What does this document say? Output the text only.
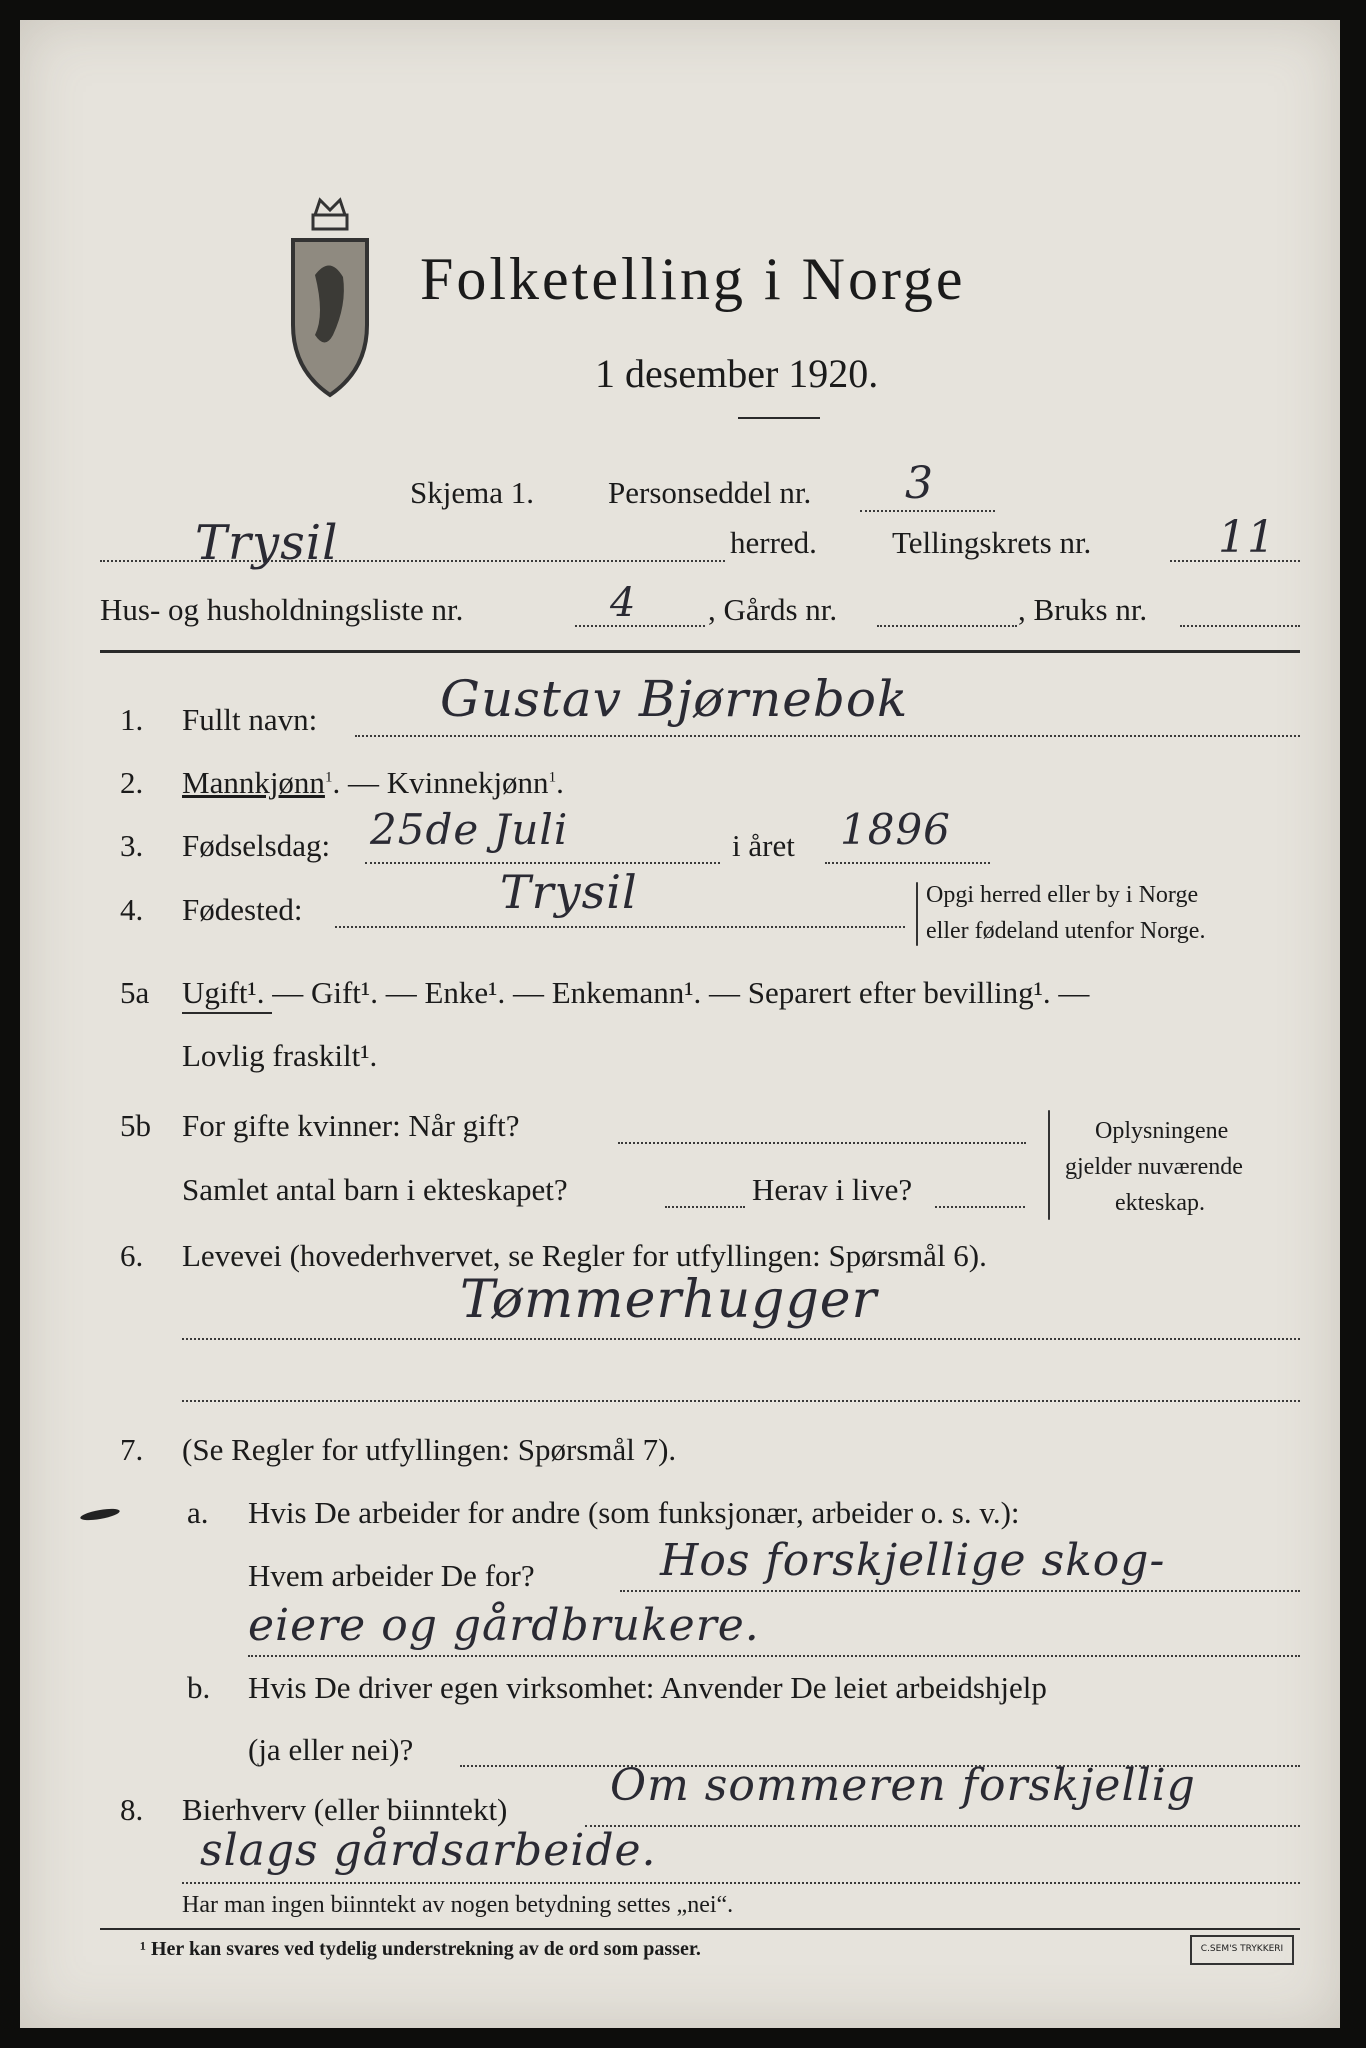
Folketelling i Norge
1 desember 1920.
Skjema 1. Personseddel nr. 3
Trysil	herred. Tellingskrets nr.	11
Hus- og husholdningsliste nr.	4 , Gårds nr.	, Bruks nr.
1. Fullt navn: Gustav Bjørnebok
2. Mannkjønn$^1$. — Kvinnekjønn$^1$.
3. Fødselsdag: 25de Juli	i året 1896
4. Fødested:	Trysil	Opgi herred eller by i Norge
eller fødeland utenfor Norge.
5a Ugift¹. — Gift¹. — Enke¹. — Enkemann¹. — Separert efter bevilling¹. —
Lovlig fraskilt¹.
5b For gifte kvinner: Når gift?
Samlet antal barn i ekteskapet?	Herav i live?
Oplysningene
gjelder nuværende
ekteskap.
6. Levevei (hovederhvervet, se Regler for utfyllingen: Spørsmål 6).
Tømmerhugger
7. (Se Regler for utfyllingen: Spørsmål 7).
a. Hvis De arbeider for andre (som funksjonær, arbeider o. s. v.):
Hvem arbeider De for?	Hos forskjellige skog-
eiere og gårdbrukere.
b. Hvis De driver egen virksomhet: Anvender De leiet arbeidshjelp
(ja eller nei)?
8. Bierhverv (eller biinntekt) Om sommeren forskjellig
slags gårdsarbeide.
Har man ingen biinntekt av nogen betydning settes „nei“.
¹ Her kan svares ved tydelig understrekning av de ord som passer.	C.SEM'S TRYKKERI
